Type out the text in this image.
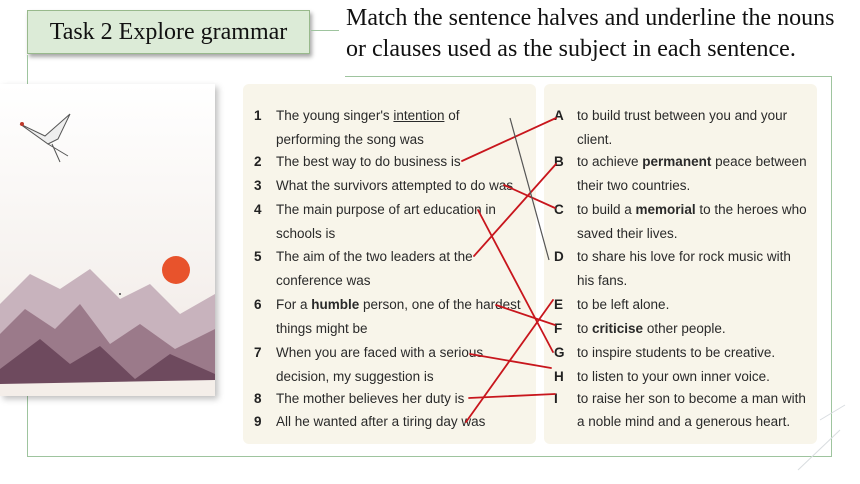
Task 2 Explore grammar
Match the sentence halves and underline the nouns
or clauses used as the subject in each sentence.
1 The young singer's intention of
performing the song was
2 The best way to do business is
3 What the survivors attempted to do was
4 The main purpose of art education in
schools is
5 The aim of the two leaders at the
conference was
6 For a humble person, one of the hardest
things might be
7 When you are faced with a serious
decision, my suggestion is
8 The mother believes her duty is
9 All he wanted after a tiring day was
A to build trust between you and your
client.
B to achieve permanent peace between
their two countries.
C to build a memorial to the heroes who
saved their lives.
D to share his love for rock music with
his fans.
E to be left alone.
F to criticise other people.
G to inspire students to be creative.
H to listen to your own inner voice.
I to raise her son to become a man with
a noble mind and a generous heart.
